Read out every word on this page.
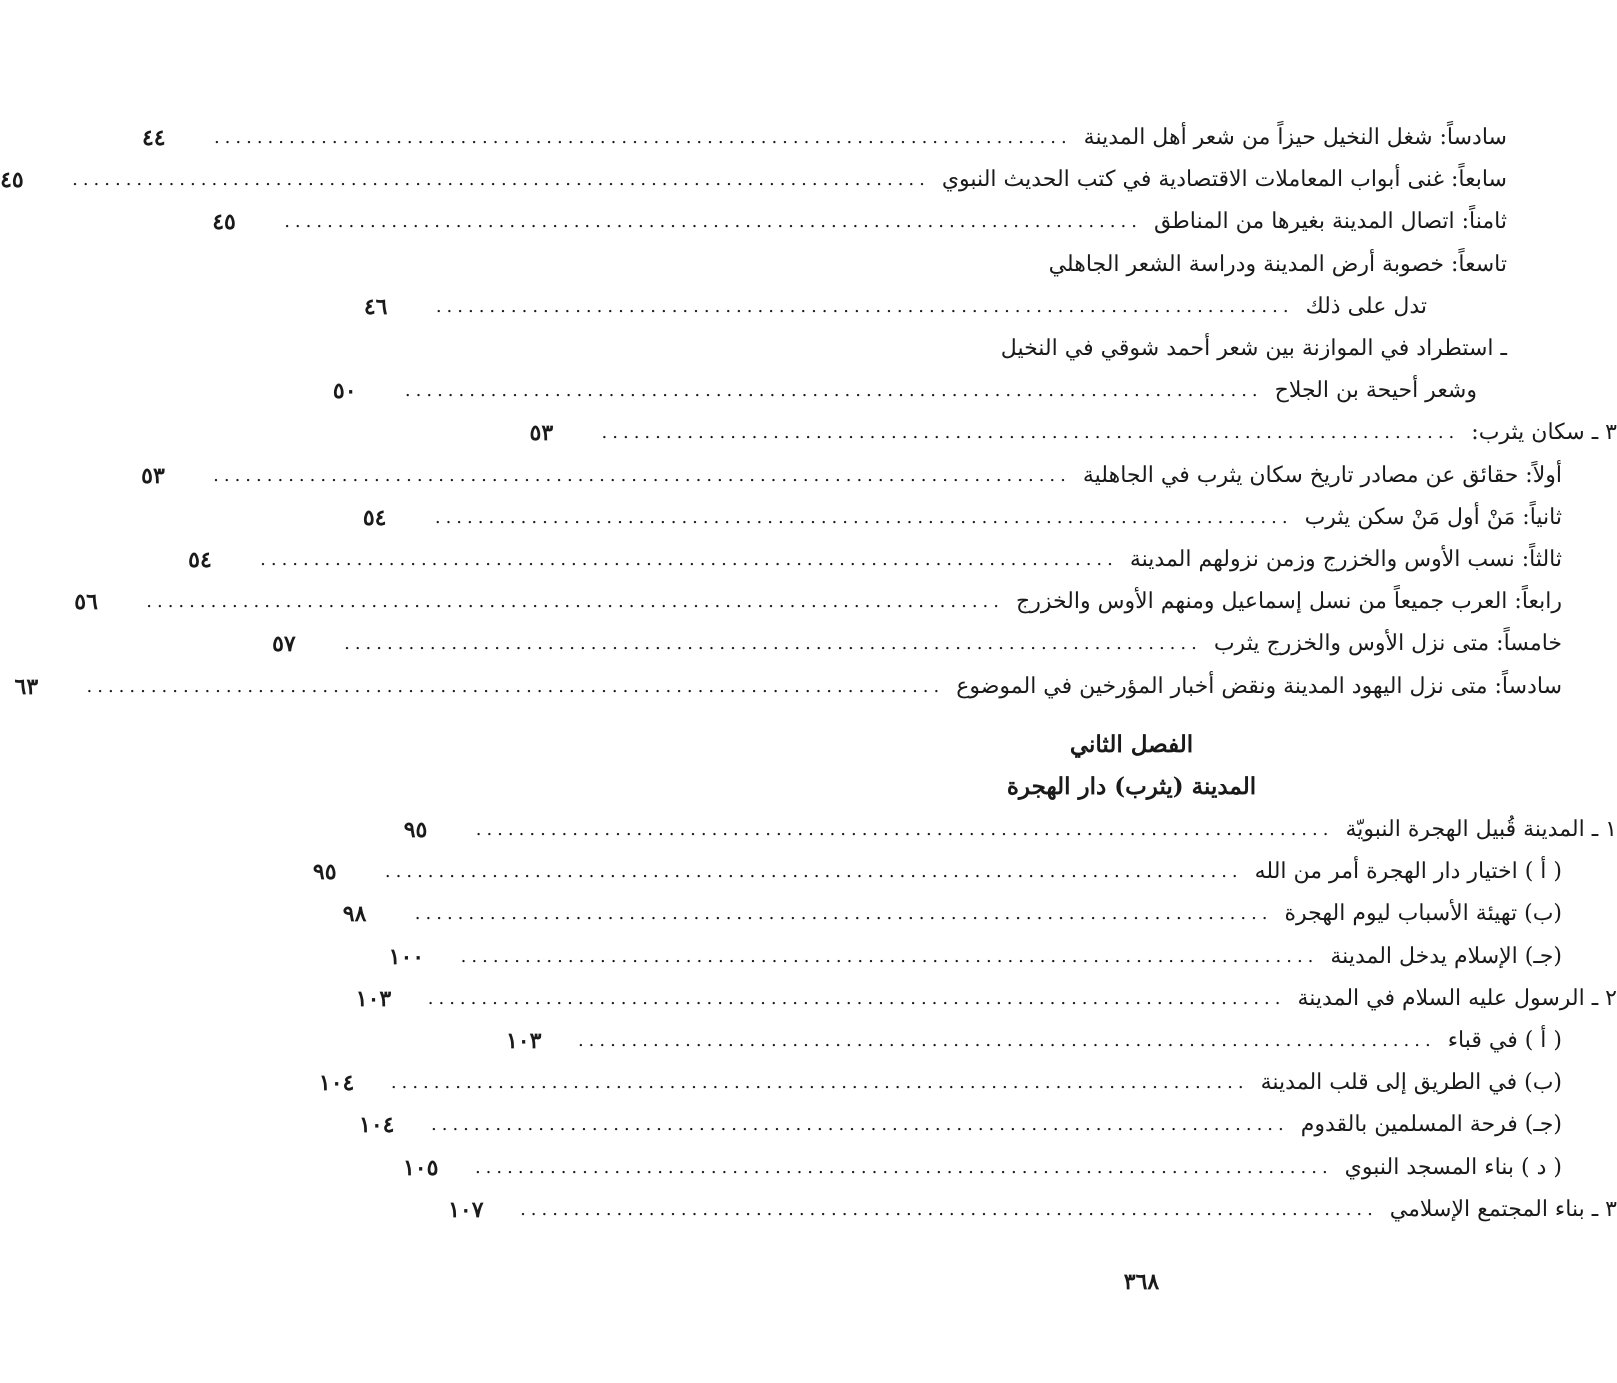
سادساً: شغل النخيل حيزاً من شعر أهل المدينة
................................................................................
٤٤
سابعاً: غنى أبواب المعاملات الاقتصادية في كتب الحديث النبوي
................................................................................
٤٥
ثامناً: اتصال المدينة بغيرها من المناطق
................................................................................
٤٥
تاسعاً: خصوبة أرض المدينة ودراسة الشعر الجاهلي
تدل على ذلك
................................................................................
٤٦
ـ استطراد في الموازنة بين شعر أحمد شوقي في النخيل
وشعر أحيحة بن الجلاح
................................................................................
٥٠
٣ ـ سكان يثرب:
................................................................................
٥٣
أولاً: حقائق عن مصادر تاريخ سكان يثرب في الجاهلية
................................................................................
٥٣
ثانياً: مَنْ أول مَنْ سكن يثرب
................................................................................
٥٤
ثالثاً: نسب الأوس والخزرج وزمن نزولهم المدينة
................................................................................
٥٤
رابعاً: العرب جميعاً من نسل إسماعيل ومنهم الأوس والخزرج
................................................................................
٥٦
خامساً: متى نزل الأوس والخزرج يثرب
................................................................................
٥٧
سادساً: متى نزل اليهود المدينة ونقض أخبار المؤرخين في الموضوع
................................................................................
٦٣
الفصل الثاني
المدينة (يثرب) دار الهجرة
١ ـ المدينة قُبيل الهجرة النبويّة
................................................................................
٩٥
( أ ) اختيار دار الهجرة أمر من الله
................................................................................
٩٥
(ب) تهيئة الأسباب ليوم الهجرة
................................................................................
٩٨
(جـ) الإسلام يدخل المدينة
................................................................................
١٠٠
٢ ـ الرسول عليه السلام في المدينة
................................................................................
١٠٣
( أ ) في قباء
................................................................................
١٠٣
(ب) في الطريق إلى قلب المدينة
................................................................................
١٠٤
(جـ) فرحة المسلمين بالقدوم
................................................................................
١٠٤
( د ) بناء المسجد النبوي
................................................................................
١٠٥
٣ ـ بناء المجتمع الإسلامي
................................................................................
١٠٧
٣٦٨
